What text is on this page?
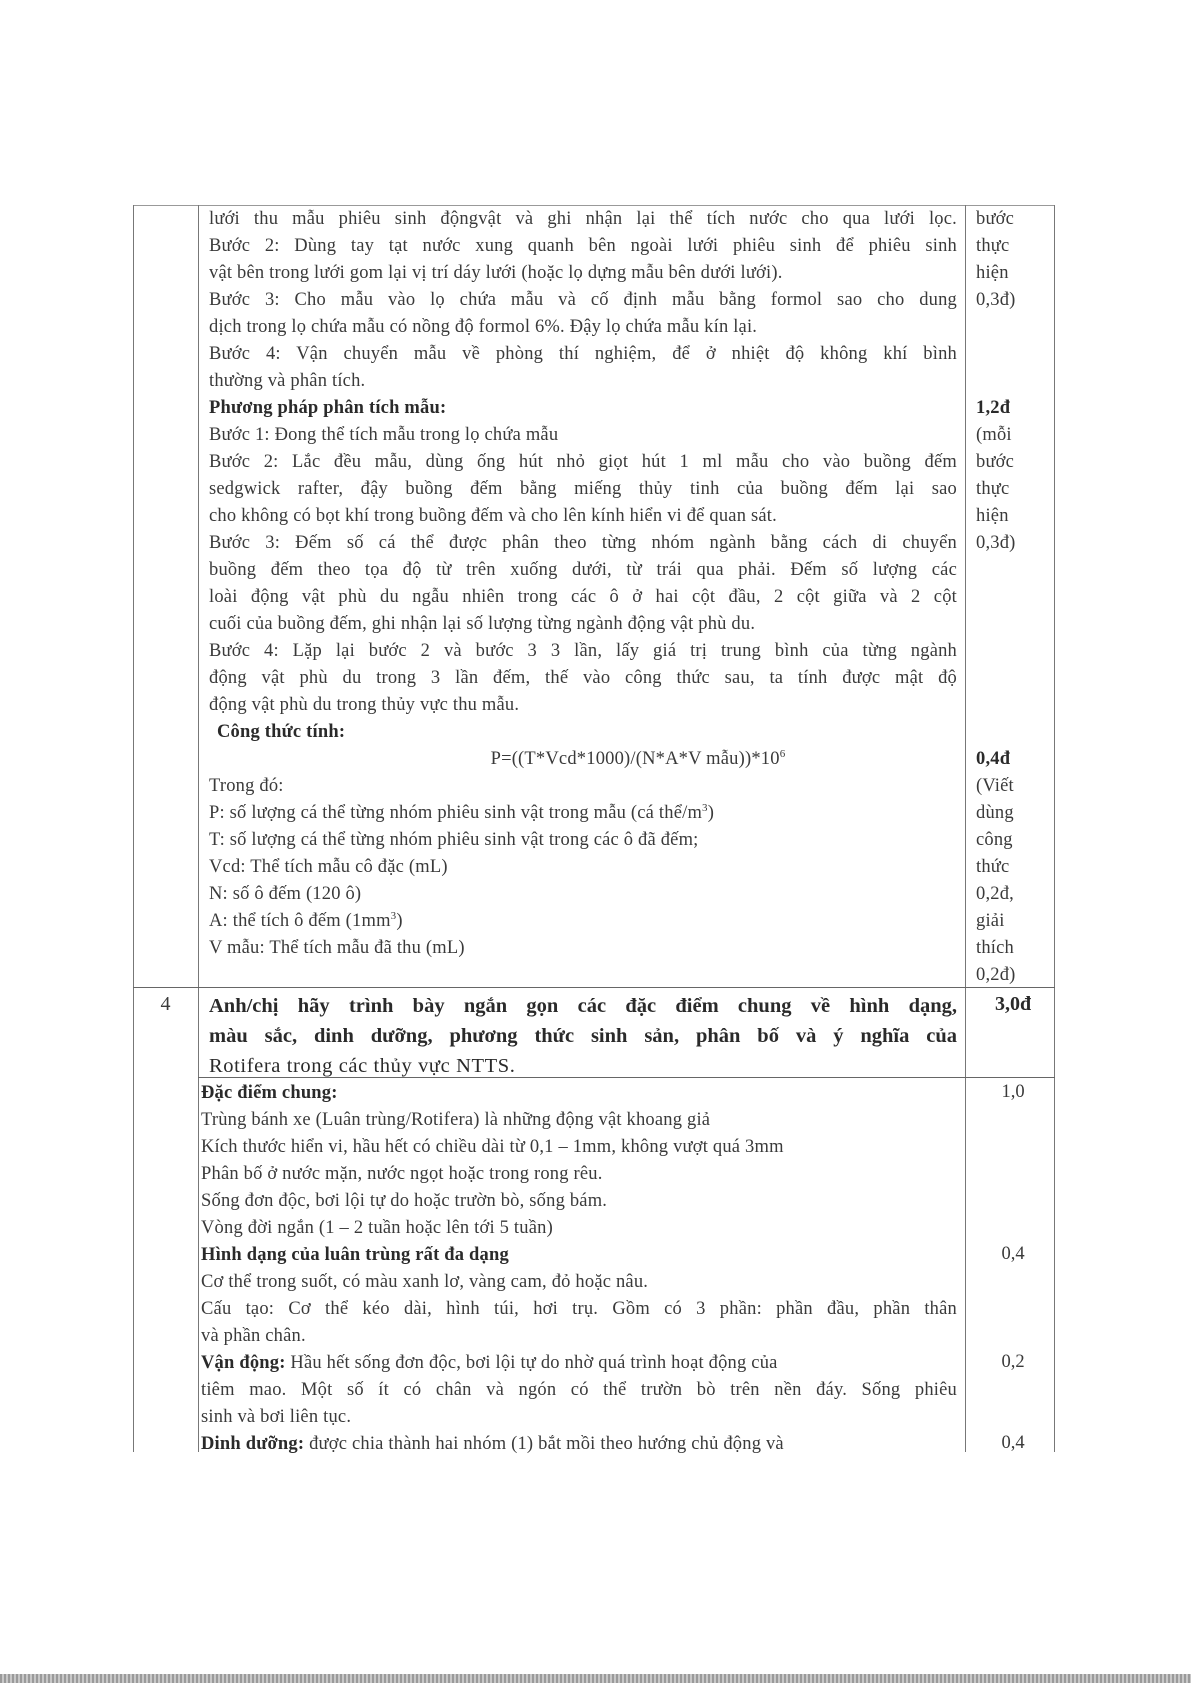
lưới thu mẫu phiêu sinh độngvật và ghi nhận lại thể tích nước cho qua lưới lọc.
Bước 2: Dùng tay tạt nước xung quanh bên ngoài lưới phiêu sinh để phiêu sinh
vật bên trong lưới gom lại vị trí dáy lưới (hoặc lọ dựng mẫu bên dưới lưới).
Bước 3: Cho mẫu vào lọ chứa mẫu và cố định mẫu bằng formol sao cho dung
dịch trong lọ chứa mẫu có nồng độ formol 6%. Đậy lọ chứa mẫu kín lại.
Bước 4: Vận chuyển mẫu về phòng thí nghiệm, để ở nhiệt độ không khí bình
thường và phân tích.
Phương pháp phân tích mẫu:
Bước 1: Đong thể tích mẫu trong lọ chứa mẫu
Bước 2: Lắc đều mẫu, dùng ống hút nhỏ giọt hút 1 ml mẫu cho vào buồng đếm
sedgwick rafter, đậy buồng đếm bằng miếng thủy tinh của buồng đếm lại sao
cho không có bọt khí trong buồng đếm và cho lên kính hiển vi để quan sát.
Bước 3: Đếm số cá thể được phân theo từng nhóm ngành bằng cách di chuyển
buồng đếm theo tọa độ từ trên xuống dưới, từ trái qua phải. Đếm số lượng các
loài động vật phù du ngẫu nhiên trong các ô ở hai cột đầu, 2 cột giữa và 2 cột
cuối của buồng đếm, ghi nhận lại số lượng từng ngành động vật phù du.
Bước 4: Lặp lại bước 2 và bước 3 3 lần, lấy giá trị trung bình của từng ngành
động vật phù du trong 3 lần đếm, thế vào công thức sau, ta tính được mật độ
động vật phù du trong thủy vực thu mẫu.
Công thức tính:
P=((T*Vcd*1000)/(N*A*V $mẫu))*10^6$
Trong đó:
P: số lượng cá thể từng nhóm phiêu sinh vật trong mẫu (cá thể/$m^3$)
T: số lượng cá thể từng nhóm phiêu sinh vật trong các ô đã đếm;
Vcd: Thể tích mẫu cô đặc (mL)
N: số ô đếm (120 ô)
A: thể tích ô đếm $(1mm^3)$
V mẫu: Thể tích mẫu đã thu (mL)
bước
thực
hiện
0,3đ)
1,2đ
(mỗi
bước
thực
hiện
0,3đ)
0,4đ
(Viết
dùng
công
thức
0,2đ,
giải
thích
0,2đ)
4	Anh/chị hãy trình bày ngắn gọn các đặc điểm chung về hình dạng,
màu sắc, dinh dưỡng, phương thức sinh sản, phân bố và ý nghĩa của
Rotifera trong các thủy vực NTTS.
3,0đ
Đặc điểm chung:
Trùng bánh xe (Luân trùng/Rotifera) là những động vật khoang giả
Kích thước hiển vi, hầu hết có chiều dài từ 0,1 – 1mm, không vượt quá 3mm
Phân bố ở nước mặn, nước ngọt hoặc trong rong rêu.
Sống đơn độc, bơi lội tự do hoặc trườn bò, sống bám.
Vòng đời ngắn (1 – 2 tuần hoặc lên tới 5 tuần)
Hình dạng của luân trùng rất đa dạng
Cơ thể trong suốt, có màu xanh lơ, vàng cam, đỏ hoặc nâu.
Cấu tạo: Cơ thể kéo dài, hình túi, hơi trụ. Gồm có 3 phần: phần đầu, phần thân
và phần chân.
Vận động: Hầu hết sống đơn độc, bơi lội tự do nhờ quá trình hoạt động của
tiêm mao. Một số ít có chân và ngón có thể trườn bò trên nền đáy. Sống phiêu
sinh và bơi liên tục.
Dinh dưỡng: được chia thành hai nhóm (1) bắt mồi theo hướng chủ động và
1,0
0,4
0,2
0,4
